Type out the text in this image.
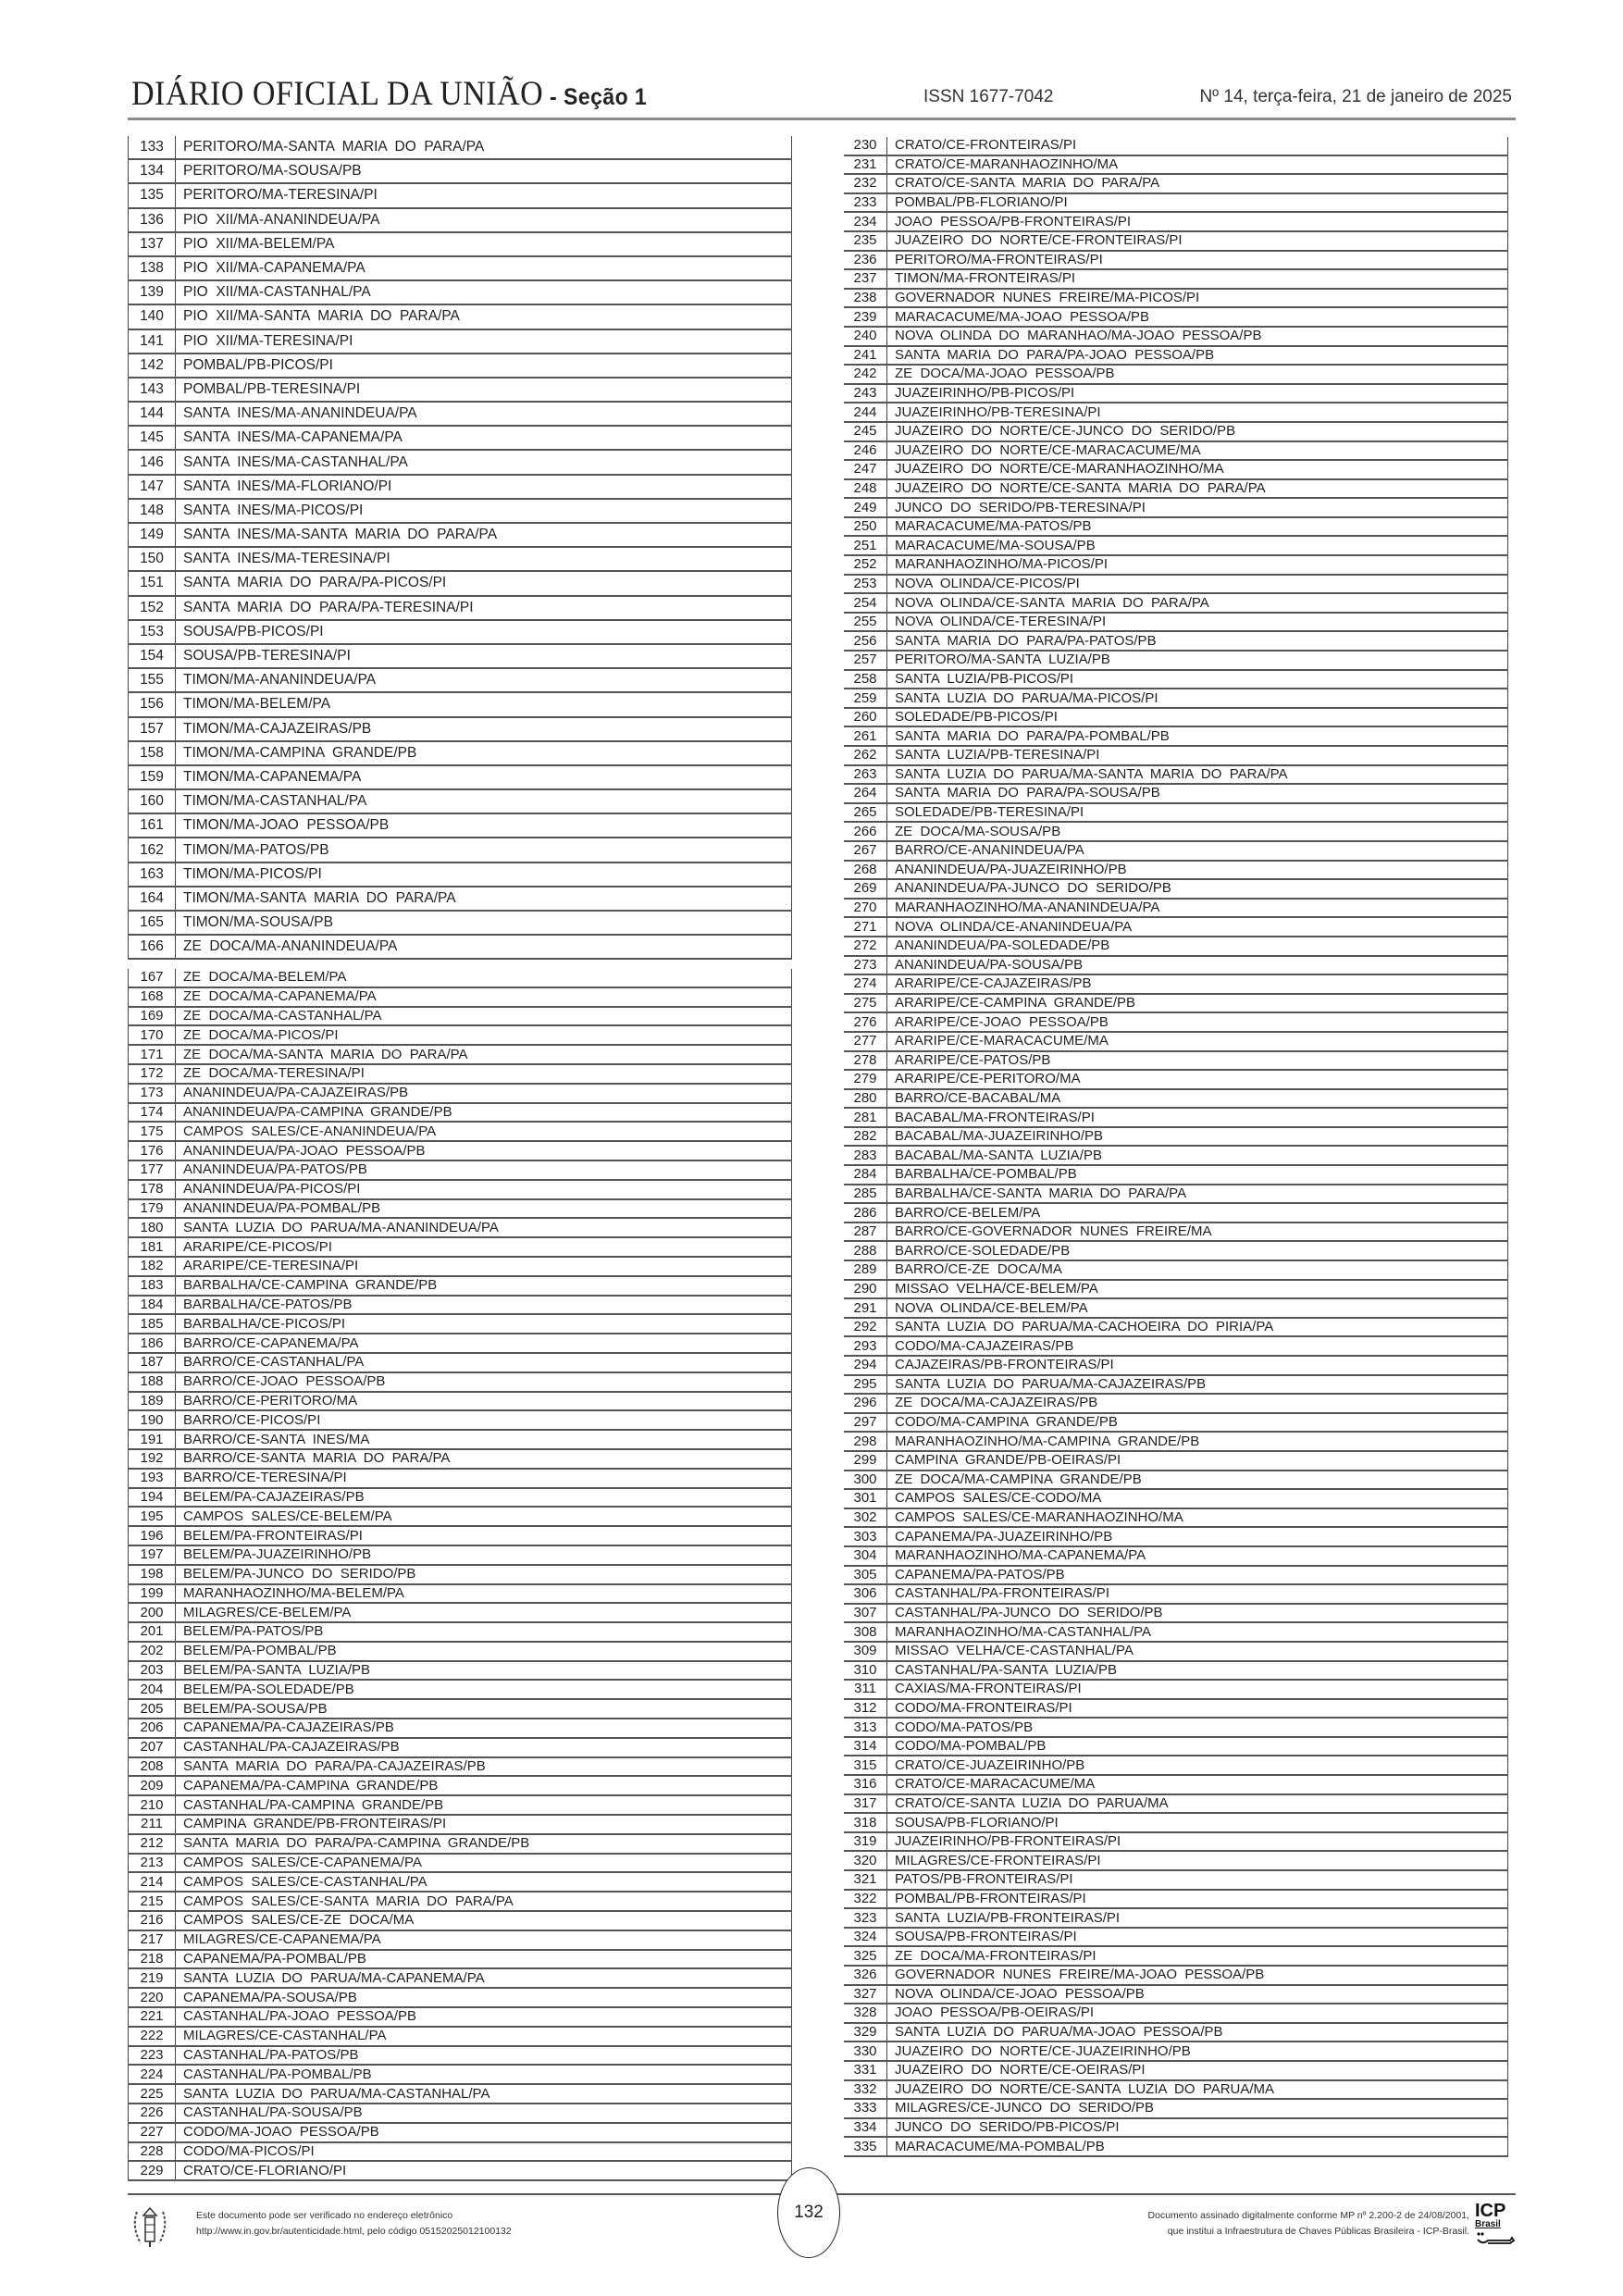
DIÁRIO OFICIAL DA UNIÃO - Seção 1	ISSN 1677-7042	Nº 14, terça-feira, 21 de janeiro de 2025
133	PERITORO/MA-SANTA  MARIA  DO  PARA/PA
134	PERITORO/MA-SOUSA/PB
135	PERITORO/MA-TERESINA/PI
136	PIO  XII/MA-ANANINDEUA/PA
137	PIO  XII/MA-BELEM/PA
138	PIO  XII/MA-CAPANEMA/PA
139	PIO  XII/MA-CASTANHAL/PA
140	PIO  XII/MA-SANTA  MARIA  DO  PARA/PA
141	PIO  XII/MA-TERESINA/PI
142	POMBAL/PB-PICOS/PI
143	POMBAL/PB-TERESINA/PI
144	SANTA  INES/MA-ANANINDEUA/PA
145	SANTA  INES/MA-CAPANEMA/PA
146	SANTA  INES/MA-CASTANHAL/PA
147	SANTA  INES/MA-FLORIANO/PI
148	SANTA  INES/MA-PICOS/PI
149	SANTA  INES/MA-SANTA  MARIA  DO  PARA/PA
150	SANTA  INES/MA-TERESINA/PI
151	SANTA  MARIA  DO  PARA/PA-PICOS/PI
152	SANTA  MARIA  DO  PARA/PA-TERESINA/PI
153	SOUSA/PB-PICOS/PI
154	SOUSA/PB-TERESINA/PI
155	TIMON/MA-ANANINDEUA/PA
156	TIMON/MA-BELEM/PA
157	TIMON/MA-CAJAZEIRAS/PB
158	TIMON/MA-CAMPINA  GRANDE/PB
159	TIMON/MA-CAPANEMA/PA
160	TIMON/MA-CASTANHAL/PA
161	TIMON/MA-JOAO  PESSOA/PB
162	TIMON/MA-PATOS/PB
163	TIMON/MA-PICOS/PI
164	TIMON/MA-SANTA  MARIA  DO  PARA/PA
165	TIMON/MA-SOUSA/PB
166	ZE  DOCA/MA-ANANINDEUA/PA
167	ZE  DOCA/MA-BELEM/PA
168	ZE  DOCA/MA-CAPANEMA/PA
169	ZE  DOCA/MA-CASTANHAL/PA
170	ZE  DOCA/MA-PICOS/PI
171	ZE  DOCA/MA-SANTA  MARIA  DO  PARA/PA
172	ZE  DOCA/MA-TERESINA/PI
173	ANANINDEUA/PA-CAJAZEIRAS/PB
174	ANANINDEUA/PA-CAMPINA  GRANDE/PB
175	CAMPOS  SALES/CE-ANANINDEUA/PA
176	ANANINDEUA/PA-JOAO  PESSOA/PB
177	ANANINDEUA/PA-PATOS/PB
178	ANANINDEUA/PA-PICOS/PI
179	ANANINDEUA/PA-POMBAL/PB
180	SANTA  LUZIA  DO  PARUA/MA-ANANINDEUA/PA
181	ARARIPE/CE-PICOS/PI
182	ARARIPE/CE-TERESINA/PI
183	BARBALHA/CE-CAMPINA  GRANDE/PB
184	BARBALHA/CE-PATOS/PB
185	BARBALHA/CE-PICOS/PI
186	BARRO/CE-CAPANEMA/PA
187	BARRO/CE-CASTANHAL/PA
188	BARRO/CE-JOAO  PESSOA/PB
189	BARRO/CE-PERITORO/MA
190	BARRO/CE-PICOS/PI
191	BARRO/CE-SANTA  INES/MA
192	BARRO/CE-SANTA  MARIA  DO  PARA/PA
193	BARRO/CE-TERESINA/PI
194	BELEM/PA-CAJAZEIRAS/PB
195	CAMPOS  SALES/CE-BELEM/PA
196	BELEM/PA-FRONTEIRAS/PI
197	BELEM/PA-JUAZEIRINHO/PB
198	BELEM/PA-JUNCO  DO  SERIDO/PB
199	MARANHAOZINHO/MA-BELEM/PA
200	MILAGRES/CE-BELEM/PA
201	BELEM/PA-PATOS/PB
202	BELEM/PA-POMBAL/PB
203	BELEM/PA-SANTA  LUZIA/PB
204	BELEM/PA-SOLEDADE/PB
205	BELEM/PA-SOUSA/PB
206	CAPANEMA/PA-CAJAZEIRAS/PB
207	CASTANHAL/PA-CAJAZEIRAS/PB
208	SANTA  MARIA  DO  PARA/PA-CAJAZEIRAS/PB
209	CAPANEMA/PA-CAMPINA  GRANDE/PB
210	CASTANHAL/PA-CAMPINA  GRANDE/PB
211	CAMPINA  GRANDE/PB-FRONTEIRAS/PI
212	SANTA  MARIA  DO  PARA/PA-CAMPINA  GRANDE/PB
213	CAMPOS  SALES/CE-CAPANEMA/PA
214	CAMPOS  SALES/CE-CASTANHAL/PA
215	CAMPOS  SALES/CE-SANTA  MARIA  DO  PARA/PA
216	CAMPOS  SALES/CE-ZE  DOCA/MA
217	MILAGRES/CE-CAPANEMA/PA
218	CAPANEMA/PA-POMBAL/PB
219	SANTA  LUZIA  DO  PARUA/MA-CAPANEMA/PA
220	CAPANEMA/PA-SOUSA/PB
221	CASTANHAL/PA-JOAO  PESSOA/PB
222	MILAGRES/CE-CASTANHAL/PA
223	CASTANHAL/PA-PATOS/PB
224	CASTANHAL/PA-POMBAL/PB
225	SANTA  LUZIA  DO  PARUA/MA-CASTANHAL/PA
226	CASTANHAL/PA-SOUSA/PB
227	CODO/MA-JOAO  PESSOA/PB
228	CODO/MA-PICOS/PI
229	CRATO/CE-FLORIANO/PI
230	CRATO/CE-FRONTEIRAS/PI
231	CRATO/CE-MARANHAOZINHO/MA
232	CRATO/CE-SANTA  MARIA  DO  PARA/PA
233	POMBAL/PB-FLORIANO/PI
234	JOAO  PESSOA/PB-FRONTEIRAS/PI
235	JUAZEIRO  DO  NORTE/CE-FRONTEIRAS/PI
236	PERITORO/MA-FRONTEIRAS/PI
237	TIMON/MA-FRONTEIRAS/PI
238	GOVERNADOR  NUNES  FREIRE/MA-PICOS/PI
239	MARACACUME/MA-JOAO  PESSOA/PB
240	NOVA  OLINDA  DO  MARANHAO/MA-JOAO  PESSOA/PB
241	SANTA  MARIA  DO  PARA/PA-JOAO  PESSOA/PB
242	ZE  DOCA/MA-JOAO  PESSOA/PB
243	JUAZEIRINHO/PB-PICOS/PI
244	JUAZEIRINHO/PB-TERESINA/PI
245	JUAZEIRO  DO  NORTE/CE-JUNCO  DO  SERIDO/PB
246	JUAZEIRO  DO  NORTE/CE-MARACACUME/MA
247	JUAZEIRO  DO  NORTE/CE-MARANHAOZINHO/MA
248	JUAZEIRO  DO  NORTE/CE-SANTA  MARIA  DO  PARA/PA
249	JUNCO  DO  SERIDO/PB-TERESINA/PI
250	MARACACUME/MA-PATOS/PB
251	MARACACUME/MA-SOUSA/PB
252	MARANHAOZINHO/MA-PICOS/PI
253	NOVA  OLINDA/CE-PICOS/PI
254	NOVA  OLINDA/CE-SANTA  MARIA  DO  PARA/PA
255	NOVA  OLINDA/CE-TERESINA/PI
256	SANTA  MARIA  DO  PARA/PA-PATOS/PB
257	PERITORO/MA-SANTA  LUZIA/PB
258	SANTA  LUZIA/PB-PICOS/PI
259	SANTA  LUZIA  DO  PARUA/MA-PICOS/PI
260	SOLEDADE/PB-PICOS/PI
261	SANTA  MARIA  DO  PARA/PA-POMBAL/PB
262	SANTA  LUZIA/PB-TERESINA/PI
263	SANTA  LUZIA  DO  PARUA/MA-SANTA  MARIA  DO  PARA/PA
264	SANTA  MARIA  DO  PARA/PA-SOUSA/PB
265	SOLEDADE/PB-TERESINA/PI
266	ZE  DOCA/MA-SOUSA/PB
267	BARRO/CE-ANANINDEUA/PA
268	ANANINDEUA/PA-JUAZEIRINHO/PB
269	ANANINDEUA/PA-JUNCO  DO  SERIDO/PB
270	MARANHAOZINHO/MA-ANANINDEUA/PA
271	NOVA  OLINDA/CE-ANANINDEUA/PA
272	ANANINDEUA/PA-SOLEDADE/PB
273	ANANINDEUA/PA-SOUSA/PB
274	ARARIPE/CE-CAJAZEIRAS/PB
275	ARARIPE/CE-CAMPINA  GRANDE/PB
276	ARARIPE/CE-JOAO  PESSOA/PB
277	ARARIPE/CE-MARACACUME/MA
278	ARARIPE/CE-PATOS/PB
279	ARARIPE/CE-PERITORO/MA
280	BARRO/CE-BACABAL/MA
281	BACABAL/MA-FRONTEIRAS/PI
282	BACABAL/MA-JUAZEIRINHO/PB
283	BACABAL/MA-SANTA  LUZIA/PB
284	BARBALHA/CE-POMBAL/PB
285	BARBALHA/CE-SANTA  MARIA  DO  PARA/PA
286	BARRO/CE-BELEM/PA
287	BARRO/CE-GOVERNADOR  NUNES  FREIRE/MA
288	BARRO/CE-SOLEDADE/PB
289	BARRO/CE-ZE  DOCA/MA
290	MISSAO  VELHA/CE-BELEM/PA
291	NOVA  OLINDA/CE-BELEM/PA
292	SANTA  LUZIA  DO  PARUA/MA-CACHOEIRA  DO  PIRIA/PA
293	CODO/MA-CAJAZEIRAS/PB
294	CAJAZEIRAS/PB-FRONTEIRAS/PI
295	SANTA  LUZIA  DO  PARUA/MA-CAJAZEIRAS/PB
296	ZE  DOCA/MA-CAJAZEIRAS/PB
297	CODO/MA-CAMPINA  GRANDE/PB
298	MARANHAOZINHO/MA-CAMPINA  GRANDE/PB
299	CAMPINA  GRANDE/PB-OEIRAS/PI
300	ZE  DOCA/MA-CAMPINA  GRANDE/PB
301	CAMPOS  SALES/CE-CODO/MA
302	CAMPOS  SALES/CE-MARANHAOZINHO/MA
303	CAPANEMA/PA-JUAZEIRINHO/PB
304	MARANHAOZINHO/MA-CAPANEMA/PA
305	CAPANEMA/PA-PATOS/PB
306	CASTANHAL/PA-FRONTEIRAS/PI
307	CASTANHAL/PA-JUNCO  DO  SERIDO/PB
308	MARANHAOZINHO/MA-CASTANHAL/PA
309	MISSAO  VELHA/CE-CASTANHAL/PA
310	CASTANHAL/PA-SANTA  LUZIA/PB
311	CAXIAS/MA-FRONTEIRAS/PI
312	CODO/MA-FRONTEIRAS/PI
313	CODO/MA-PATOS/PB
314	CODO/MA-POMBAL/PB
315	CRATO/CE-JUAZEIRINHO/PB
316	CRATO/CE-MARACACUME/MA
317	CRATO/CE-SANTA  LUZIA  DO  PARUA/MA
318	SOUSA/PB-FLORIANO/PI
319	JUAZEIRINHO/PB-FRONTEIRAS/PI
320	MILAGRES/CE-FRONTEIRAS/PI
321	PATOS/PB-FRONTEIRAS/PI
322	POMBAL/PB-FRONTEIRAS/PI
323	SANTA  LUZIA/PB-FRONTEIRAS/PI
324	SOUSA/PB-FRONTEIRAS/PI
325	ZE  DOCA/MA-FRONTEIRAS/PI
326	GOVERNADOR  NUNES  FREIRE/MA-JOAO  PESSOA/PB
327	NOVA  OLINDA/CE-JOAO  PESSOA/PB
328	JOAO  PESSOA/PB-OEIRAS/PI
329	SANTA  LUZIA  DO  PARUA/MA-JOAO  PESSOA/PB
330	JUAZEIRO  DO  NORTE/CE-JUAZEIRINHO/PB
331	JUAZEIRO  DO  NORTE/CE-OEIRAS/PI
332	JUAZEIRO  DO  NORTE/CE-SANTA  LUZIA  DO  PARUA/MA
333	MILAGRES/CE-JUNCO  DO  SERIDO/PB
334	JUNCO  DO  SERIDO/PB-PICOS/PI
335	MARACACUME/MA-POMBAL/PB
132
Este documento pode ser verificado no endereço eletrônico
http://www.in.gov.br/autenticidade.html, pelo código 05152025012100132
Documento assinado digitalmente conforme MP nº 2.200-2 de 24/08/2001,
que institui a Infraestrutura de Chaves Públicas Brasileira - ICP-Brasil.
ICP
Brasil
